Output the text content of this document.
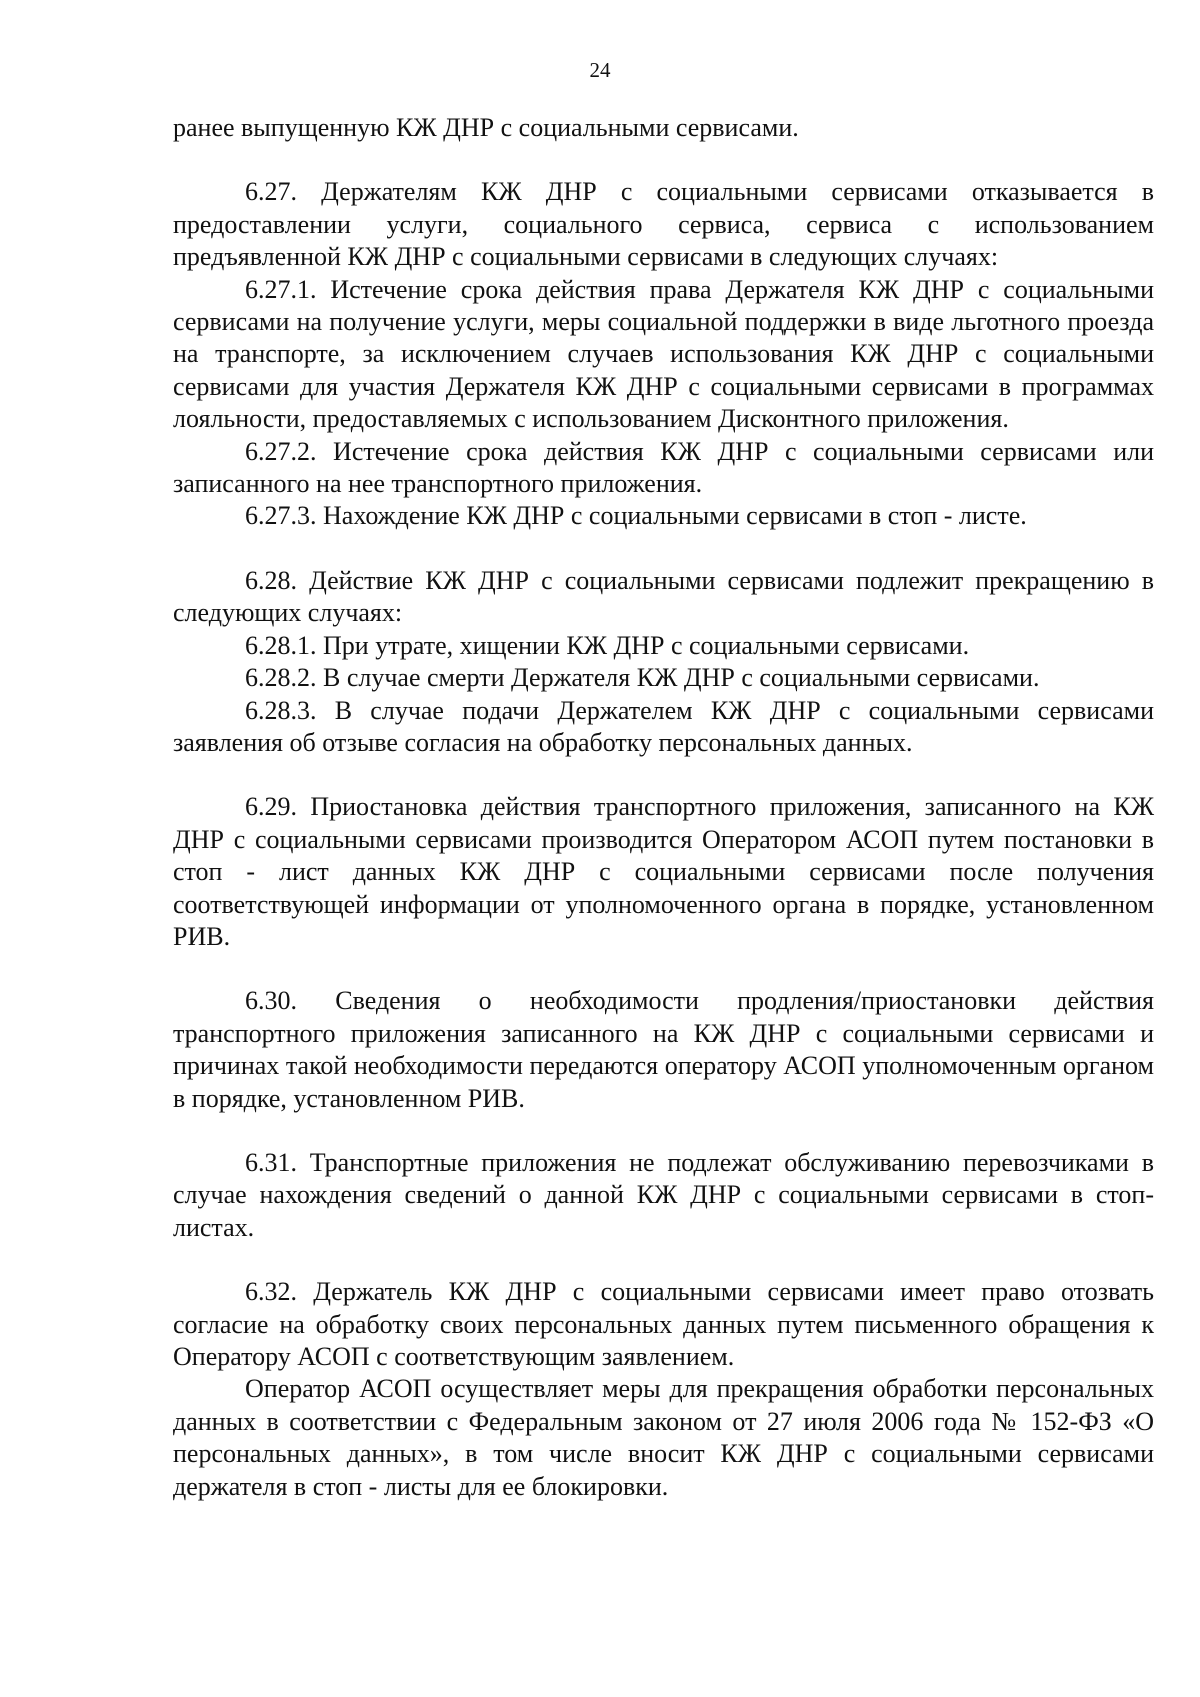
24

ранее выпущенную КЖ ДНР с социальными сервисами.

6.27. Держателям КЖ ДНР с социальными сервисами отказывается в предоставлении услуги, социального сервиса, сервиса с использованием предъявленной КЖ ДНР с социальными сервисами в следующих случаях:

6.27.1. Истечение срока действия права Держателя КЖ ДНР с социальными сервисами на получение услуги, меры социальной поддержки в виде льготного проезда на транспорте, за исключением случаев использования КЖ ДНР с социальными сервисами для участия Держателя КЖ ДНР с социальными сервисами в программах лояльности, предоставляемых с использованием Дисконтного приложения.

6.27.2. Истечение срока действия КЖ ДНР с социальными сервисами или записанного на нее транспортного приложения.

6.27.3. Нахождение КЖ ДНР с социальными сервисами в стоп - листе.

6.28. Действие КЖ ДНР с социальными сервисами подлежит прекращению в следующих случаях:

6.28.1. При утрате, хищении КЖ ДНР с социальными сервисами.

6.28.2. В случае смерти Держателя КЖ ДНР с социальными сервисами.

6.28.3. В случае подачи Держателем КЖ ДНР с социальными сервисами заявления об отзыве согласия на обработку персональных данных.

6.29. Приостановка действия транспортного приложения, записанного на КЖ ДНР с социальными сервисами производится Оператором АСОП путем постановки в стоп - лист данных КЖ ДНР с социальными сервисами после получения соответствующей информации от уполномоченного органа в порядке, установленном РИВ.

6.30. Сведения о необходимости продления/приостановки действия транспортного приложения записанного на КЖ ДНР с социальными сервисами и причинах такой необходимости передаются оператору АСОП уполномоченным органом в порядке, установленном РИВ.

6.31. Транспортные приложения не подлежат обслуживанию перевозчиками в случае нахождения сведений о данной КЖ ДНР с социальными сервисами в стоп-листах.

6.32. Держатель КЖ ДНР с социальными сервисами имеет право отозвать согласие на обработку своих персональных данных путем письменного обращения к Оператору АСОП с соответствующим заявлением.

Оператор АСОП осуществляет меры для прекращения обработки персональных данных в соответствии с Федеральным законом от 27 июля 2006 года № 152-ФЗ «О персональных данных», в том числе вносит КЖ ДНР с социальными сервисами держателя в стоп - листы для ее блокировки.
